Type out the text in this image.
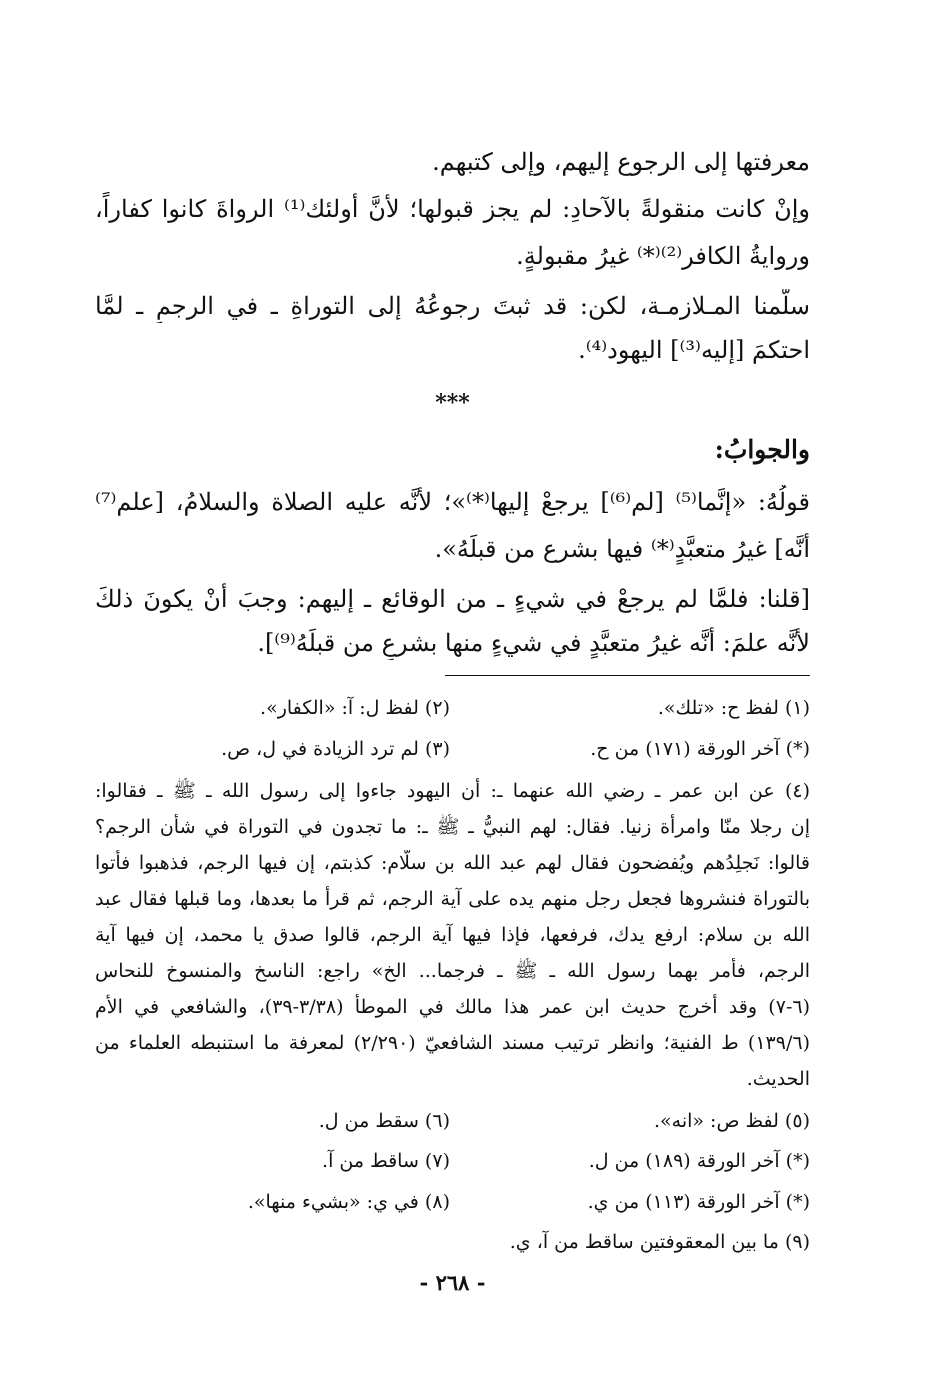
معرفتها إلى الرجوع إليهم، وإلى كتبهم.
وإنْ كانت منقولةً بالآحادِ: لم يجز قبولها؛ لأنَّ أولئك⁽¹⁾ الرواةَ كانوا كفاراً،
وروايةُ الكافر⁽²⁾⁽*⁾ غيرُ مقبولةٍ.
سلَّمنا المـلازمـة، لكن: قد ثبتَ رجوعُهُ إلى التوراةِ ـ في الرجمِ ـ لمَّا
احتكمَ [إليه⁽³⁾] اليهود⁽⁴⁾.
***
والجوابُ:
قولُهُ: «إنَّما⁽⁵⁾ [لم⁽⁶⁾] يرجعْ إليها⁽*⁾»؛ لأنَّه عليه الصلاة والسلامُ، [علم⁽⁷⁾
أنَّه] غيرُ متعبَّدٍ⁽*⁾ فيها بشرع من قبلَهُ».
[قلنا: فلمَّا لم يرجعْ في شيءٍ ـ من الوقائع ـ إليهم: وجبَ أنْ يكونَ ذلكَ
لأنَّه علمَ: أنَّه غيرُ متعبَّدٍ في شيءٍ منها بشرعِ من قبلَهُ⁽⁹⁾].
(١) لفظ ح: «تلك».
(٢) لفظ ل: آ: «الكفار».
(*) آخر الورقة (١٧١) من ح.
(٣) لم ترد الزيادة في ل، ص.
(٤) عن ابن عمر ـ رضي الله عنهما ـ: أن اليهود جاءوا إلى رسول الله ـ ﷺ ـ فقالوا:
إن رجلا منّا وامرأة زنيا. فقال: لهم النبيُّ ـ ﷺ ـ: ما تجدون في التوراة في شأن الرجم؟
قالوا: نَجلِدُهم ويُفضحون فقال لهم عبد الله بن سلّام: كذبتم، إن فيها الرجم، فذهبوا فأتوا
بالتوراة فنشروها فجعل رجل منهم يده على آية الرجم، ثم قرأ ما بعدها، وما قبلها فقال عبد
الله بن سلام: ارفع يدك، فرفعها، فإذا فيها آية الرجم، قالوا صدق يا محمد، إن فيها آية
الرجم، فأمر بهما رسول الله ـ ﷺ ـ فرجما... الخ» راجع: الناسخ والمنسوخ للنحاس
(٦-٧) وقد أخرج حديث ابن عمر هذا مالك في الموطأ (٣/٣٨-٣٩)، والشافعي في الأم
(١٣٩/٦) ط الفنية؛ وانظر ترتيب مسند الشافعيّ (٢/٢٩٠) لمعرفة ما استنبطه العلماء من
الحديث.
(٥) لفظ ص: «انه».
(٦) سقط من ل.
(*) آخر الورقة (١٨٩) من ل.
(٧) ساقط من آ.
(*) آخر الورقة (١١٣) من ي.
(٨) في ي: «بشيء منها».
(٩) ما بين المعقوفتين ساقط من آ، ي.
- ٢٦٨ -
